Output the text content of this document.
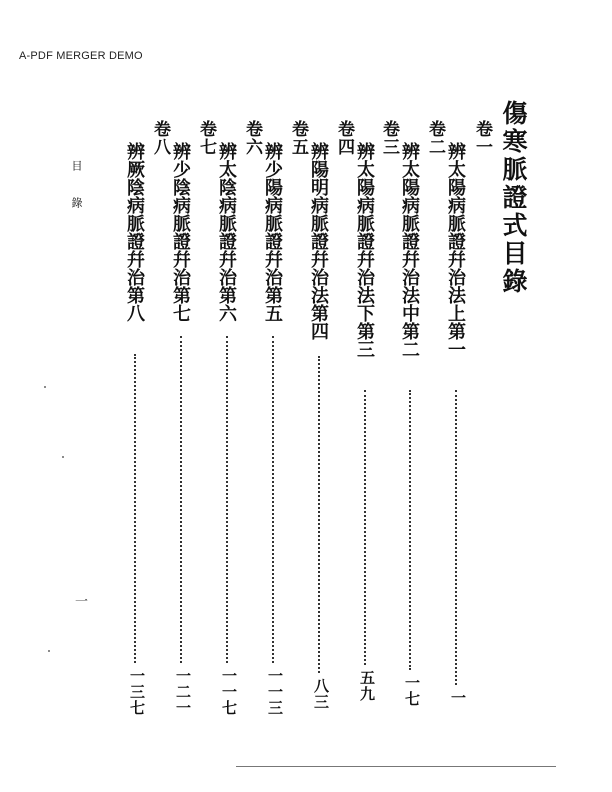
A-PDF MERGER DEMO
傷寒脈證式目錄
卷一
辨太陽病脈證幷治法上第一
一
卷二
辨太陽病脈證幷治法中第二
一七
卷三
辨太陽病脈證幷治法下第三
五九
卷四
辨陽明病脈證幷治法第四
八三
卷五
辨少陽病脈證幷治第五
一一三
卷六
辨太陰病脈證幷治第六
一一七
卷七
辨少陰病脈證幷治第七
一二一
卷八
辨厥陰病脈證幷治第八
一三七
目錄
一
